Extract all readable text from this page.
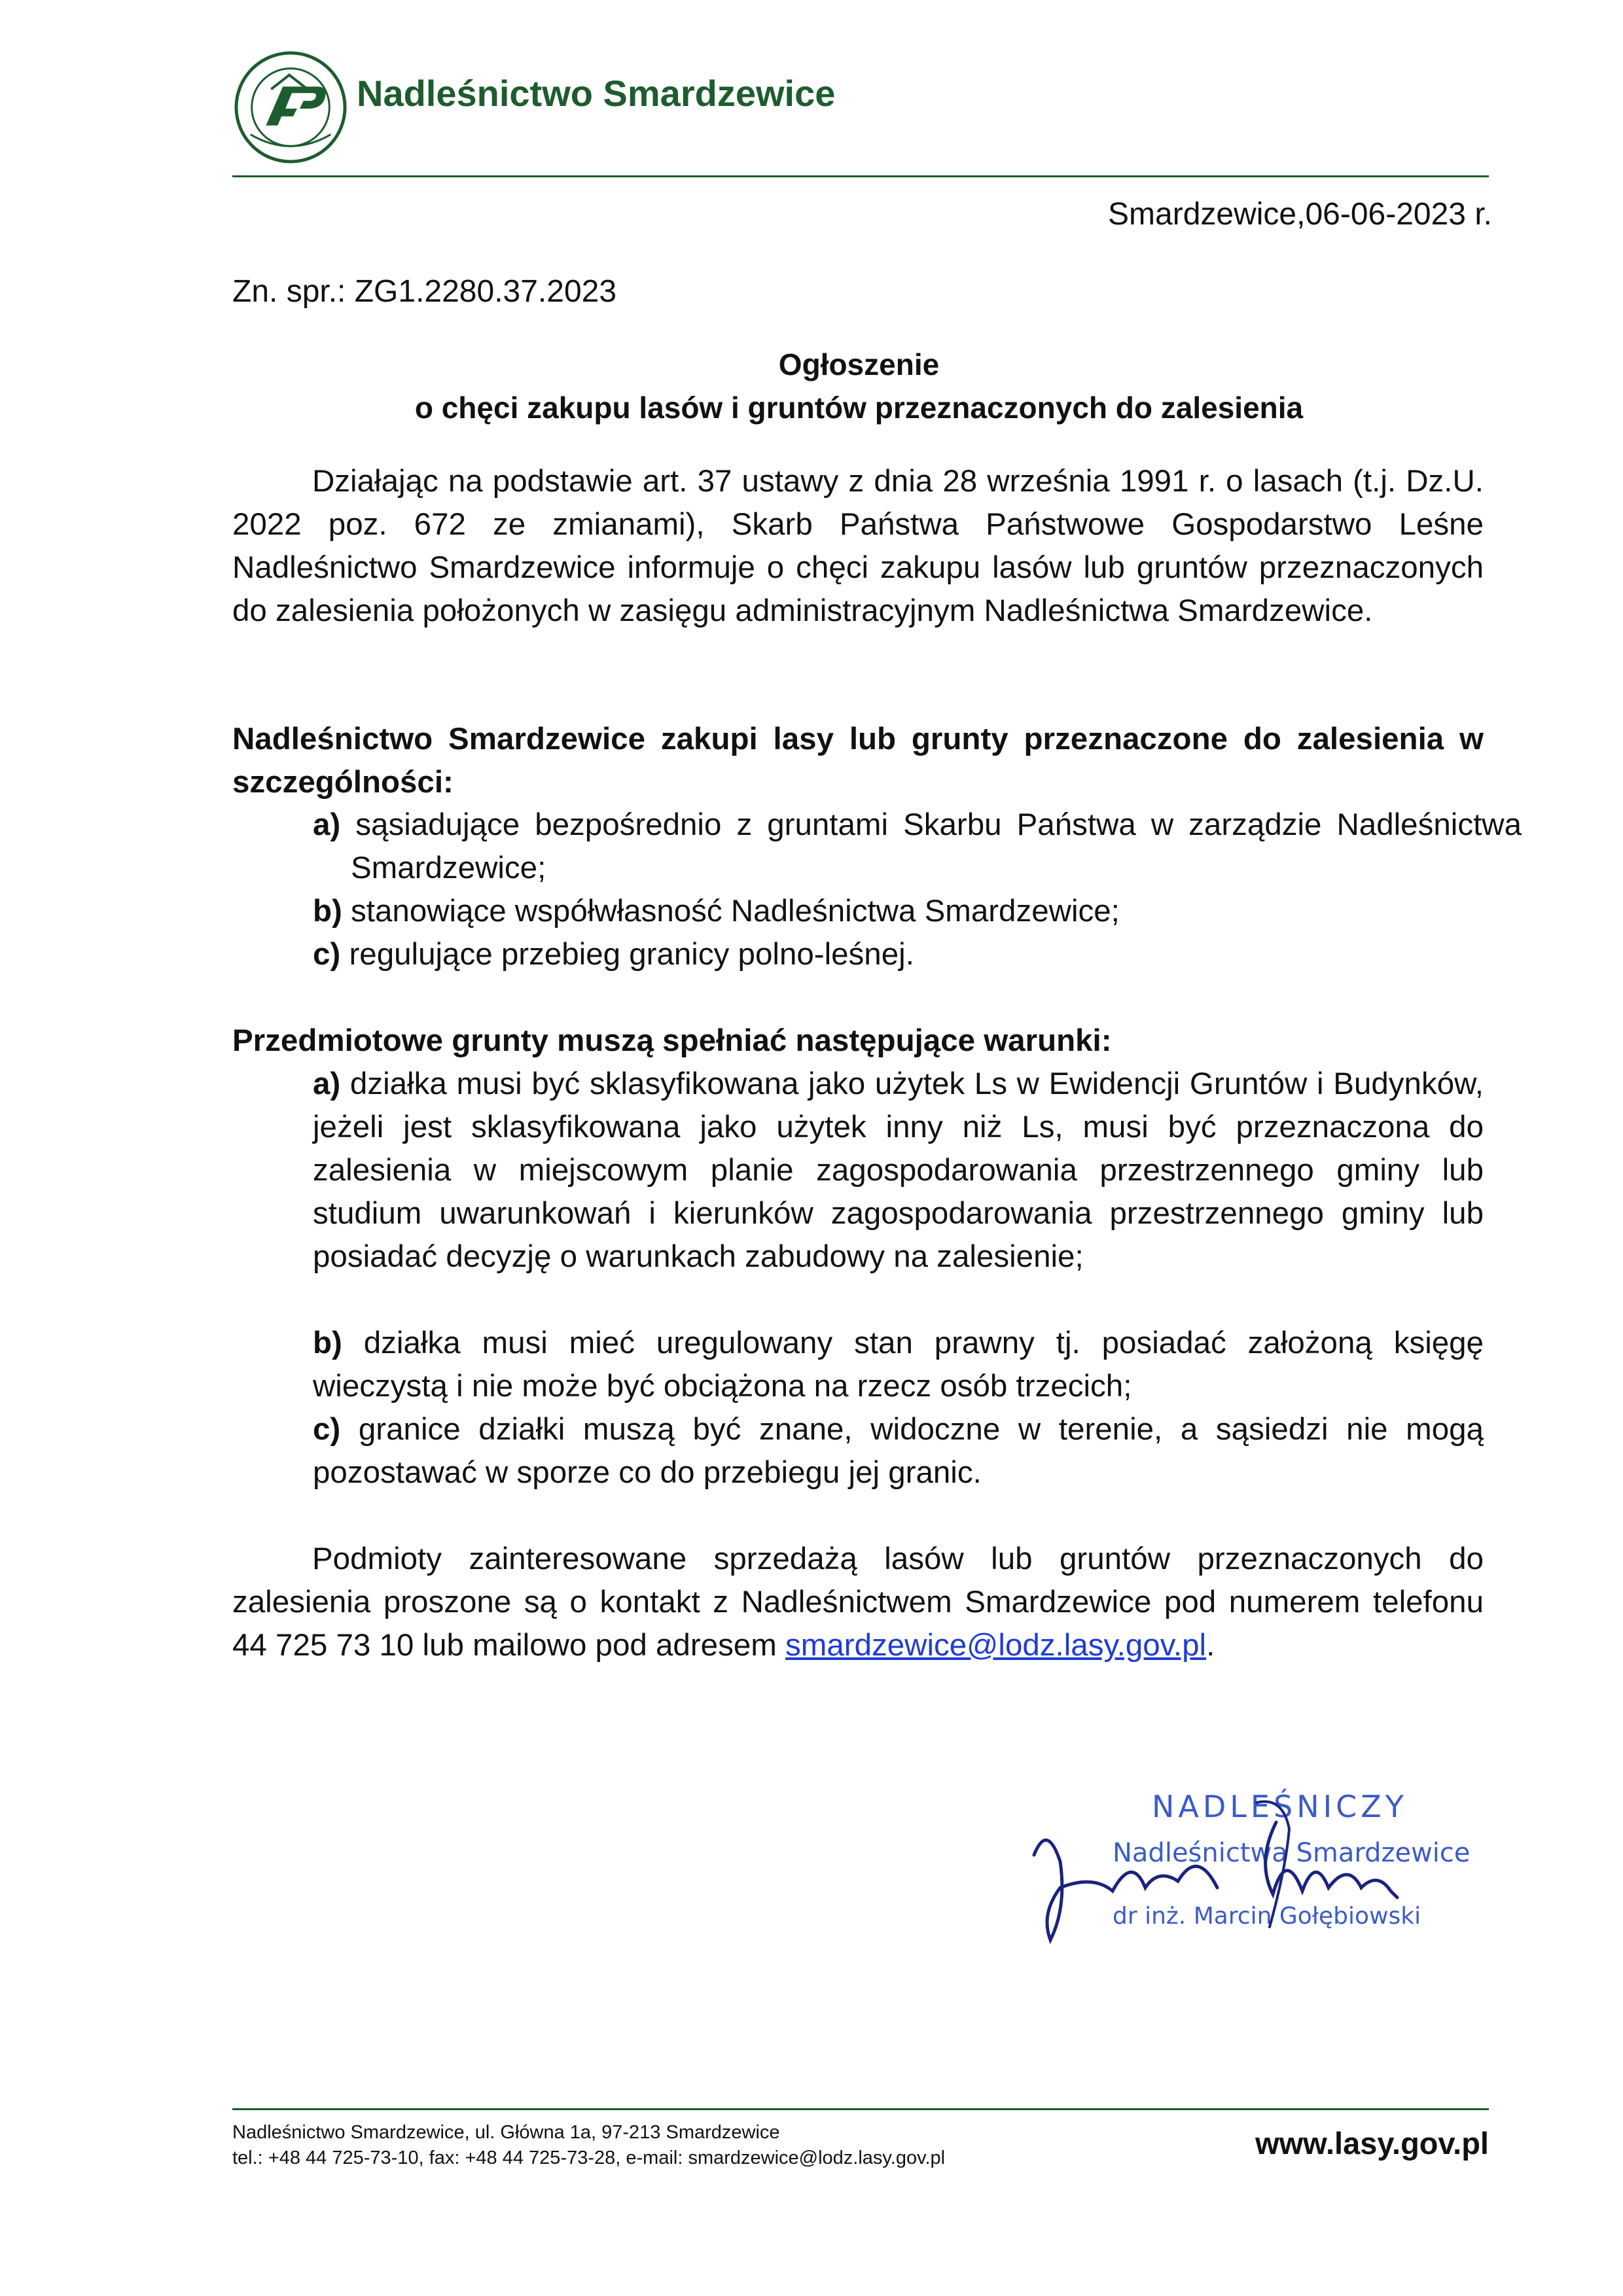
Nadleśnictwo Smardzewice
Smardzewice,06-06-2023 r.
Zn. spr.: ZG1.2280.37.2023
Ogłoszenie
o chęci zakupu lasów i gruntów przeznaczonych do zalesienia
Działając na podstawie art. 37 ustawy z dnia 28 września 1991 r. o lasach (t.j. Dz.U. 2022 poz. 672 ze zmianami), Skarb Państwa Państwowe Gospodarstwo Leśne Nadleśnictwo Smardzewice informuje o chęci zakupu lasów lub gruntów przeznaczonych do zalesienia położonych w zasięgu administracyjnym Nadleśnictwa Smardzewice.
Nadleśnictwo Smardzewice zakupi lasy lub grunty przeznaczone do zalesienia w szczególności:
a) sąsiadujące bezpośrednio z gruntami Skarbu Państwa w zarządzie Nadleśnictwa Smardzewice;
b) stanowiące współwłasność Nadleśnictwa Smardzewice;
c) regulujące przebieg granicy polno-leśnej.
Przedmiotowe grunty muszą spełniać następujące warunki:
a) działka musi być sklasyfikowana jako użytek Ls w Ewidencji Gruntów i Budynków, jeżeli jest sklasyfikowana jako użytek inny niż Ls, musi być przeznaczona do zalesienia w miejscowym planie zagospodarowania przestrzennego gminy lub studium uwarunkowań i kierunków zagospodarowania przestrzennego gminy lub posiadać decyzję o warunkach zabudowy na zalesienie;
b) działka musi mieć uregulowany stan prawny tj. posiadać założoną księgę wieczystą i nie może być obciążona na rzecz osób trzecich;
c) granice działki muszą być znane, widoczne w terenie, a sąsiedzi nie mogą pozostawać w sporze co do przebiegu jej granic.
Podmioty zainteresowane sprzedażą lasów lub gruntów przeznaczonych do zalesienia proszone są o kontakt z Nadleśnictwem Smardzewice pod numerem telefonu 44 725 73 10 lub mailowo pod adresem smardzewice@lodz.lasy.gov.pl.
NADLEŚNICZY
Nadleśnictwa Smardzewice
dr inż. Marcin Gołębiowski
Nadleśnictwo Smardzewice, ul. Główna 1a, 97-213 Smardzewice
tel.: +48 44 725-73-10, fax: +48 44 725-73-28, e-mail: smardzewice@lodz.lasy.gov.pl	www.lasy.gov.pl
